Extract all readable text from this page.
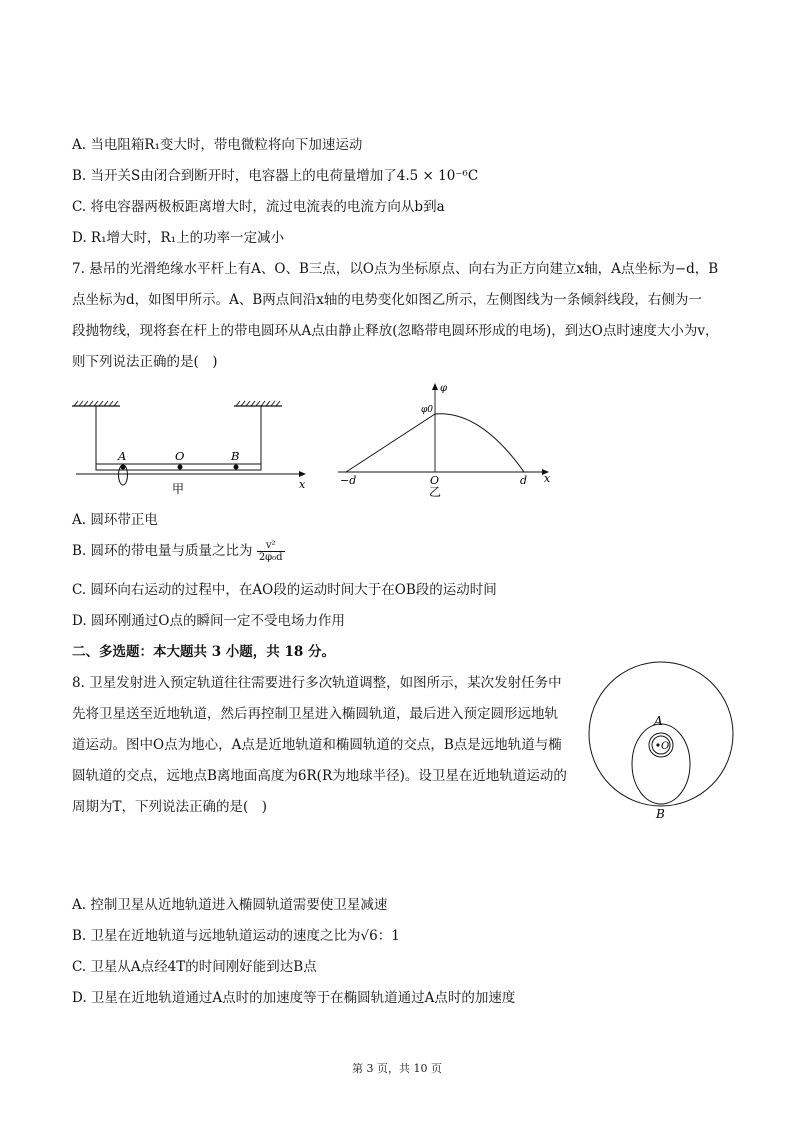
A. 当电阻箱R₁变大时，带电微粒将向下加速运动
B. 当开关S由闭合到断开时，电容器上的电荷量增加了4.5 × 10⁻⁶C
C. 将电容器两极板距离增大时，流过电流表的电流方向从b到a
D. R₁增大时，R₁上的功率一定减小
7. 悬吊的光滑绝缘水平杆上有A、O、B三点，以O点为坐标原点、向右为正方向建立x轴，A点坐标为−d，B
点坐标为d，如图甲所示。A、B两点间沿x轴的电势变化如图乙所示，左侧图线为一条倾斜线段，右侧为一
段抛物线，现将套在杆上的带电圆环从A点由静止释放(忽略带电圆环形成的电场)，到达O点时速度大小为v，
则下列说法正确的是(　)
x
A	O	B
甲
φ
x
φ0
−d	O	d
乙
A. 圆环带正电
B. 圆环的带电量与质量之比为 $\frac{\text{v²}}{\text{2φ₀d}}$
C. 圆环向右运动的过程中，在AO段的运动时间大于在OB段的运动时间
D. 圆环刚通过O点的瞬间一定不受电场力作用
二、多选题：本大题共 3 小题，共 18 分。
8. 卫星发射进入预定轨道往往需要进行多次轨道调整，如图所示，某次发射任务中
先将卫星送至近地轨道，然后再控制卫星进入椭圆轨道，最后进入预定圆形远地轨
道运动。图中O点为地心，A点是近地轨道和椭圆轨道的交点，B点是远地轨道与椭
圆轨道的交点，远地点B离地面高度为6R(R为地球半径)。设卫星在近地轨道运动的
周期为T，下列说法正确的是(　)
A
O
B
A. 控制卫星从近地轨道进入椭圆轨道需要使卫星减速
B. 卫星在近地轨道与远地轨道运动的速度之比为√6：1
C. 卫星从A点经4T的时间刚好能到达B点
D. 卫星在近地轨道通过A点时的加速度等于在椭圆轨道通过A点时的加速度
第 3 页，共 10 页
